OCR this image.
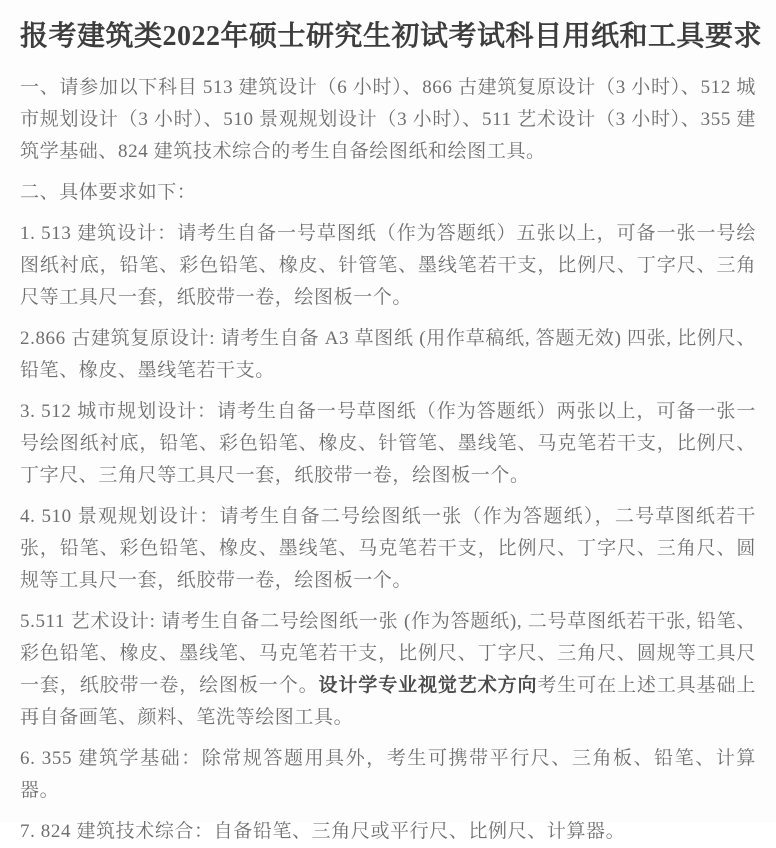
报考建筑类2022年硕士研究生初试考试科目用纸和工具要求

一、请参加以下科目 513 建筑设计（6 小时）、866 古建筑复原设计（3 小时）、512 城市规划设计（3 小时）、510 景观规划设计（3 小时）、511 艺术设计（3 小时）、355 建筑学基础、824 建筑技术综合的考生自备绘图纸和绘图工具。

二、具体要求如下：

1. 513 建筑设计：请考生自备一号草图纸（作为答题纸）五张以上，可备一张一号绘图纸衬底，铅笔、彩色铅笔、橡皮、针管笔、墨线笔若干支，比例尺、丁字尺、三角尺等工具尺一套，纸胶带一卷，绘图板一个。

2.866 古建筑复原设计: 请考生自备 A3 草图纸 (用作草稿纸, 答题无效) 四张, 比例尺、铅笔、橡皮、墨线笔若干支。

3. 512 城市规划设计：请考生自备一号草图纸（作为答题纸）两张以上，可备一张一号绘图纸衬底，铅笔、彩色铅笔、橡皮、针管笔、墨线笔、马克笔若干支，比例尺、丁字尺、三角尺等工具尺一套，纸胶带一卷，绘图板一个。

4. 510 景观规划设计：请考生自备二号绘图纸一张（作为答题纸），二号草图纸若干张，铅笔、彩色铅笔、橡皮、墨线笔、马克笔若干支，比例尺、丁字尺、三角尺、圆规等工具尺一套，纸胶带一卷，绘图板一个。

5.511 艺术设计: 请考生自备二号绘图纸一张 (作为答题纸), 二号草图纸若干张, 铅笔、彩色铅笔、橡皮、墨线笔、马克笔若干支，比例尺、丁字尺、三角尺、圆规等工具尺一套，纸胶带一卷，绘图板一个。设计学专业视觉艺术方向考生可在上述工具基础上再自备画笔、颜料、笔洗等绘图工具。

6. 355 建筑学基础：除常规答题用具外，考生可携带平行尺、三角板、铅笔、计算器。

7. 824 建筑技术综合：自备铅笔、三角尺或平行尺、比例尺、计算器。
